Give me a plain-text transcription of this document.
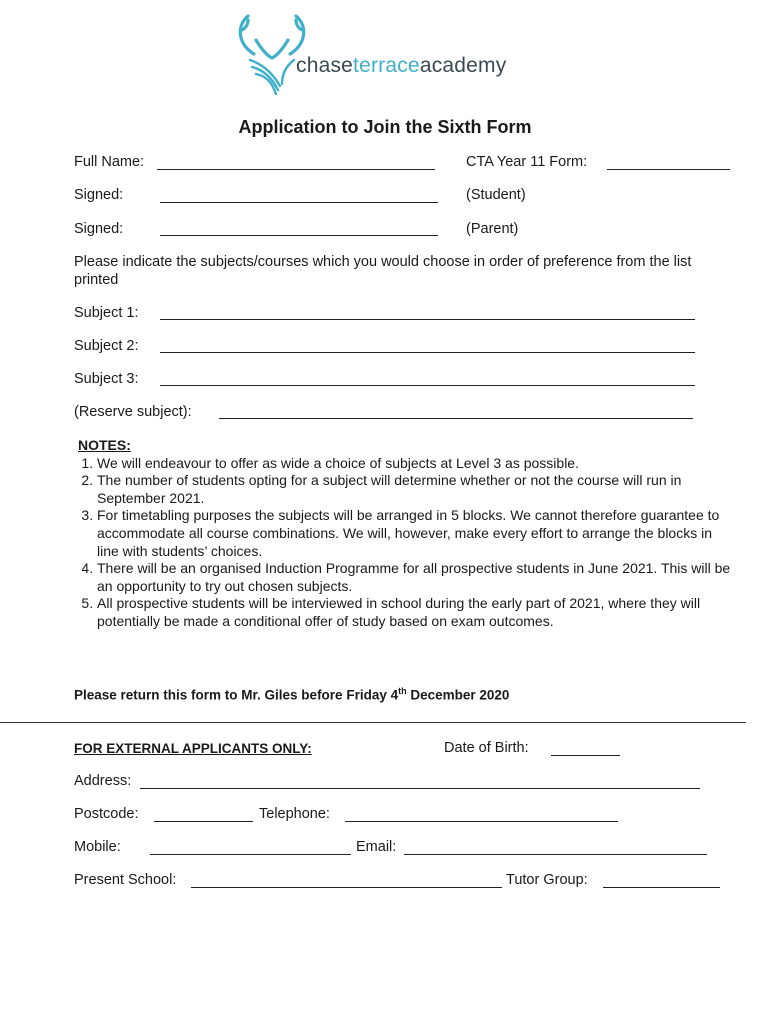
chaseterraceacademy
Application to Join the Sixth Form
Full Name:	CTA Year 11 Form:
Signed:	(Student)
Signed:	(Parent)
Please indicate the subjects/courses which you would choose in order of preference from the list printed
Subject 1:
Subject 2:
Subject 3:
(Reserve subject):
NOTES:
1. We will endeavour to offer as wide a choice of subjects at Level 3 as possible.
2. The number of students opting for a subject will determine whether or not the course will run in September 2021.
3. For timetabling purposes the subjects will be arranged in 5 blocks. We cannot therefore guarantee to accommodate all course combinations. We will, however, make every effort to arrange the blocks in line with students’ choices.
4. There will be an organised Induction Programme for all prospective students in June 2021. This will be an opportunity to try out chosen subjects.
5. All prospective students will be interviewed in school during the early part of 2021, where they will potentially be made a conditional offer of study based on exam outcomes.
Please return this form to Mr. Giles before Friday 4th December 2020
FOR EXTERNAL APPLICANTS ONLY:	Date of Birth:
Address:
Postcode:	Telephone:
Mobile:	Email:
Present School:	Tutor Group:
